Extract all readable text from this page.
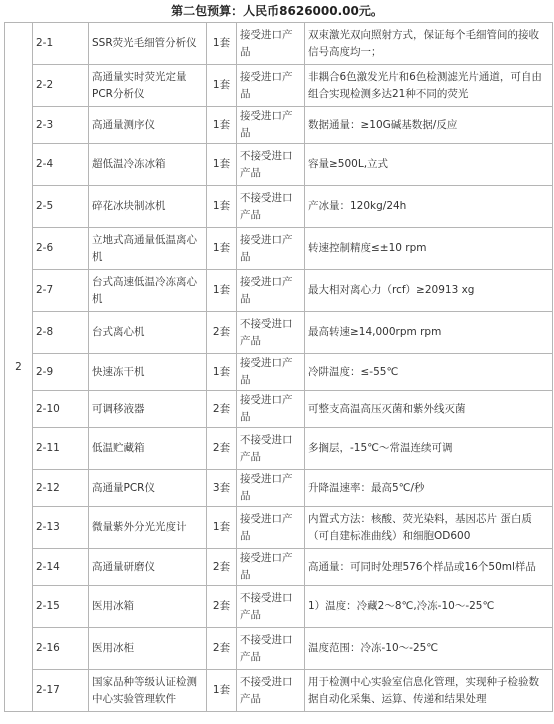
第二包预算：人民币8626000.00元。
2	2-1	SSR荧光毛细管分析仪	1套	接受进口产品	双束激光双向照射方式，保证每个毛细管间的接收信号高度均一；
	2-2	高通量实时荧光定量PCR分析仪	1套	接受进口产品	非耦合6色激发光片和6色检测滤光片通道，可自由组合实现检测多达21种不同的荧光
	2-3	高通量测序仪	1套	接受进口产品	数据通量：≥10G碱基数据/反应
	2-4	超低温冷冻冰箱	1套	不接受进口产品	容量≥500L,立式
	2-5	碎花冰块制冰机	1套	不接受进口产品	产冰量：120kg/24h
	2-6	立地式高通量低温离心机	1套	接受进口产品	转速控制精度≤±10 rpm
	2-7	台式高速低温冷冻离心机	1套	接受进口产品	最大相对离心力（rcf）≥20913 xg
	2-8	台式离心机	2套	不接受进口产品	最高转速≥14,000rpm rpm
	2-9	快速冻干机	1套	接受进口产品	冷阱温度：≤-55℃
	2-10	可调移液器	2套	接受进口产品	可整支高温高压灭菌和紫外线灭菌
	2-11	低温贮藏箱	2套	不接受进口产品	多搁层，-15℃～常温连续可调
	2-12	高通量PCR仪	3套	接受进口产品	升降温速率：最高5℃/秒
	2-13	微量紫外分光光度计	1套	接受进口产品	内置式方法：核酸、荧光染料，基因芯片 蛋白质（可自建标准曲线）和细胞OD600
	2-14	高通量研磨仪	2套	接受进口产品	高通量：可同时处理576个样品或16个50ml样品
	2-15	医用冰箱	2套	不接受进口产品	1）温度：冷藏2～8℃,冷冻-10～-25℃
	2-16	医用冰柜	2套	不接受进口产品	温度范围：冷冻-10～-25℃
	2-17	国家品种等级认证检测中心实验管理软件	1套	不接受进口产品	用于检测中心实验室信息化管理，实现种子检验数据自动化采集、运算、传递和结果处理
